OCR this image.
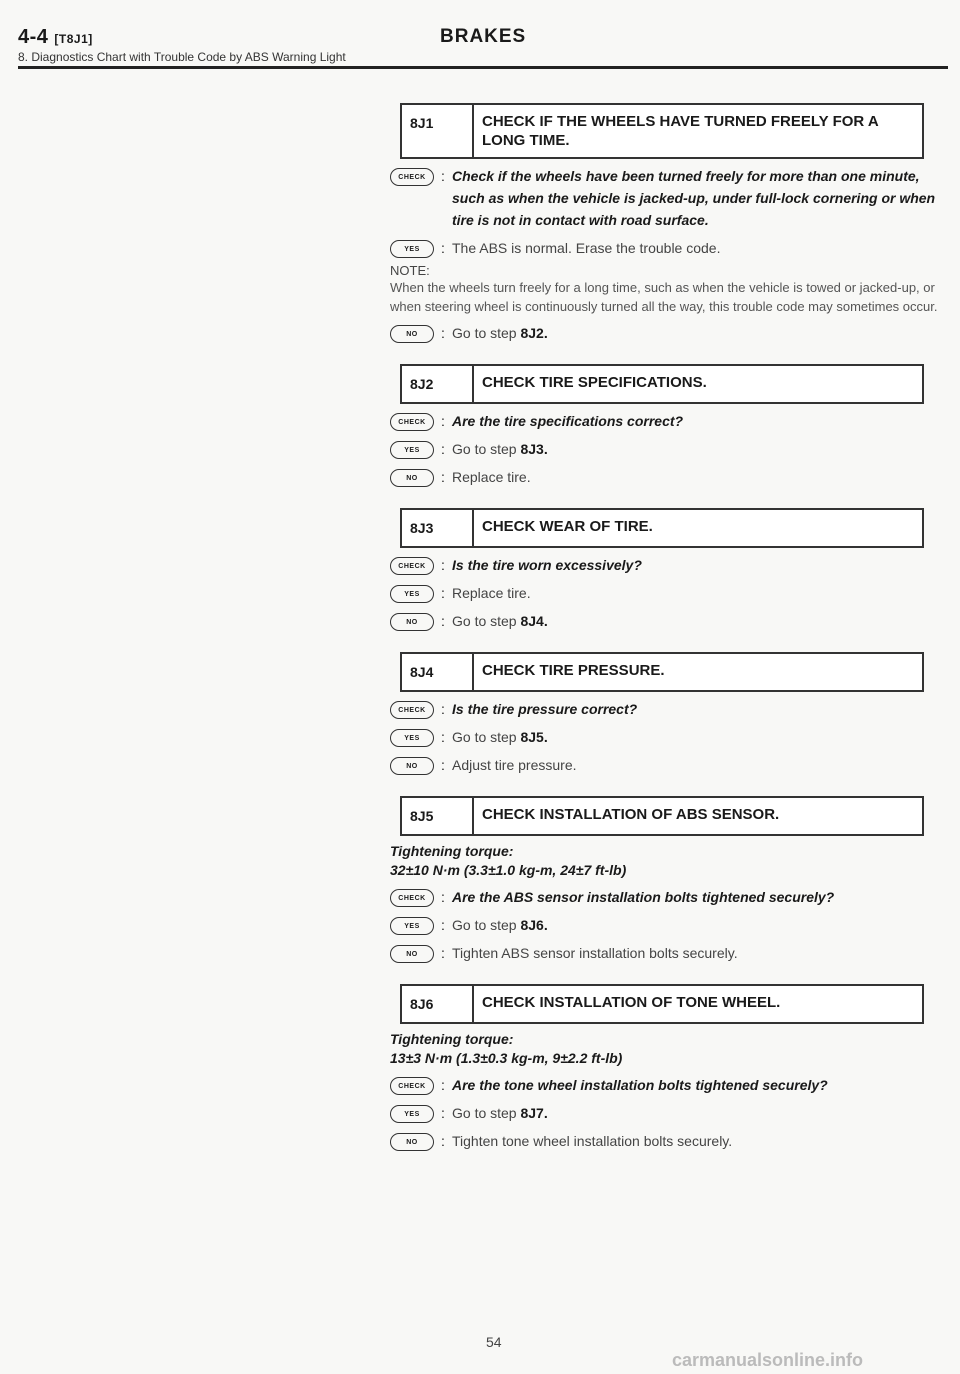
4-4 [T8J1]	BRAKES
8. Diagnostics Chart with Trouble Code by ABS Warning Light
8J1	CHECK IF THE WHEELS HAVE TURNED FREELY FOR A LONG TIME.
CHECK	: Check if the wheels have been turned freely for more than one minute, such as when the vehicle is jacked-up, under full-lock cornering or when tire is not in contact with road surface.
YES	: The ABS is normal. Erase the trouble code.
NOTE:
When the wheels turn freely for a long time, such as when the vehicle is towed or jacked-up, or when steering wheel is continuously turned all the way, this trouble code may sometimes occur.
NO	: Go to step 8J2.
8J2	CHECK TIRE SPECIFICATIONS.
CHECK	: Are the tire specifications correct?
YES	: Go to step 8J3.
NO	: Replace tire.
8J3	CHECK WEAR OF TIRE.
CHECK	: Is the tire worn excessively?
YES	: Replace tire.
NO	: Go to step 8J4.
8J4	CHECK TIRE PRESSURE.
CHECK	: Is the tire pressure correct?
YES	: Go to step 8J5.
NO	: Adjust tire pressure.
8J5	CHECK INSTALLATION OF ABS SENSOR.
Tightening torque:
32±10 N·m (3.3±1.0 kg-m, 24±7 ft-lb)
CHECK	: Are the ABS sensor installation bolts tightened securely?
YES	: Go to step 8J6.
NO	: Tighten ABS sensor installation bolts securely.
8J6	CHECK INSTALLATION OF TONE WHEEL.
Tightening torque:
13±3 N·m (1.3±0.3 kg-m, 9±2.2 ft-lb)
CHECK	: Are the tone wheel installation bolts tightened securely?
YES	: Go to step 8J7.
NO	: Tighten tone wheel installation bolts securely.
54
carmanualsonline.info
